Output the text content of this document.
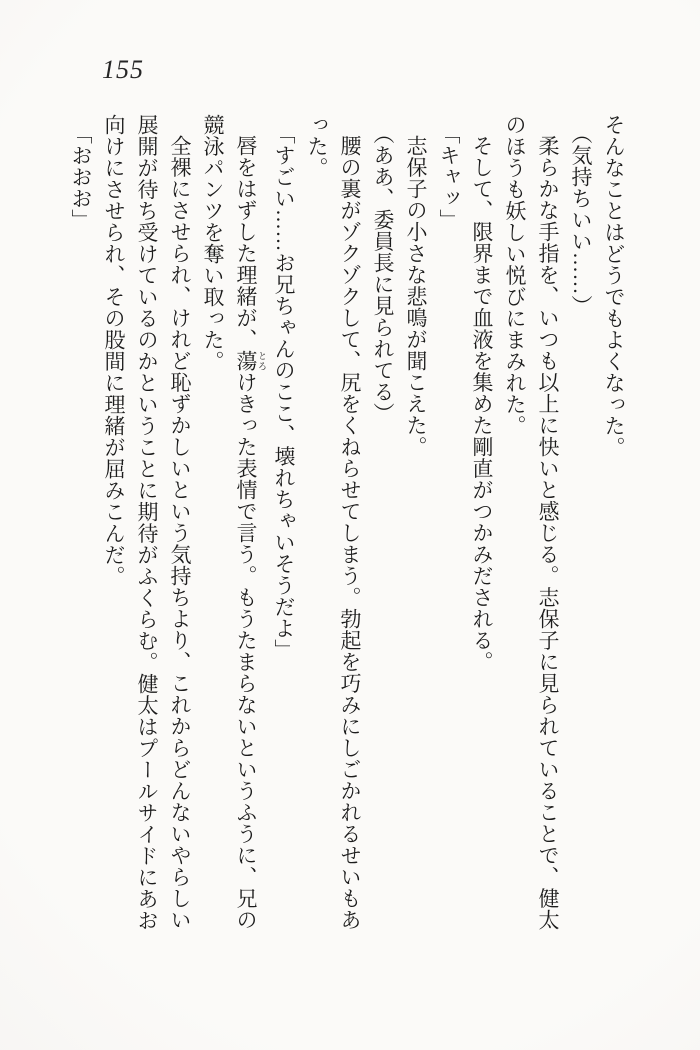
155

そんなことはどうでもよくなった。

（気持ちいい……）

柔らかな手指を、いつも以上に快いと感じる。志保子に見られていることで、健太

のほうも妖しい悦びにまみれた。

そして、限界まで血液を集めた剛直がつかみだされる。

「キャッ」

志保子の小さな悲鳴が聞こえた。

（ああ、委員長に見られてる）

腰の裏がゾクゾクして、尻をくねらせてしまう。勃起を巧みにしごかれるせいもあ

った。

「すごい……お兄ちゃんのここ、壊れちゃいそうだよ」

唇をはずした理緒が、蕩 とろけきった表情で言う。もうたまらないというふうに、兄の

競泳パンツを奪い取った。

全裸にさせられ、けれど恥ずかしいという気持ちより、これからどんないやらしい

展開が待ち受けているのかということに期待がふくらむ。健太はプールサイドにあお

向けにさせられ、その股間に理緒が屈みこんだ。

「おおお」
